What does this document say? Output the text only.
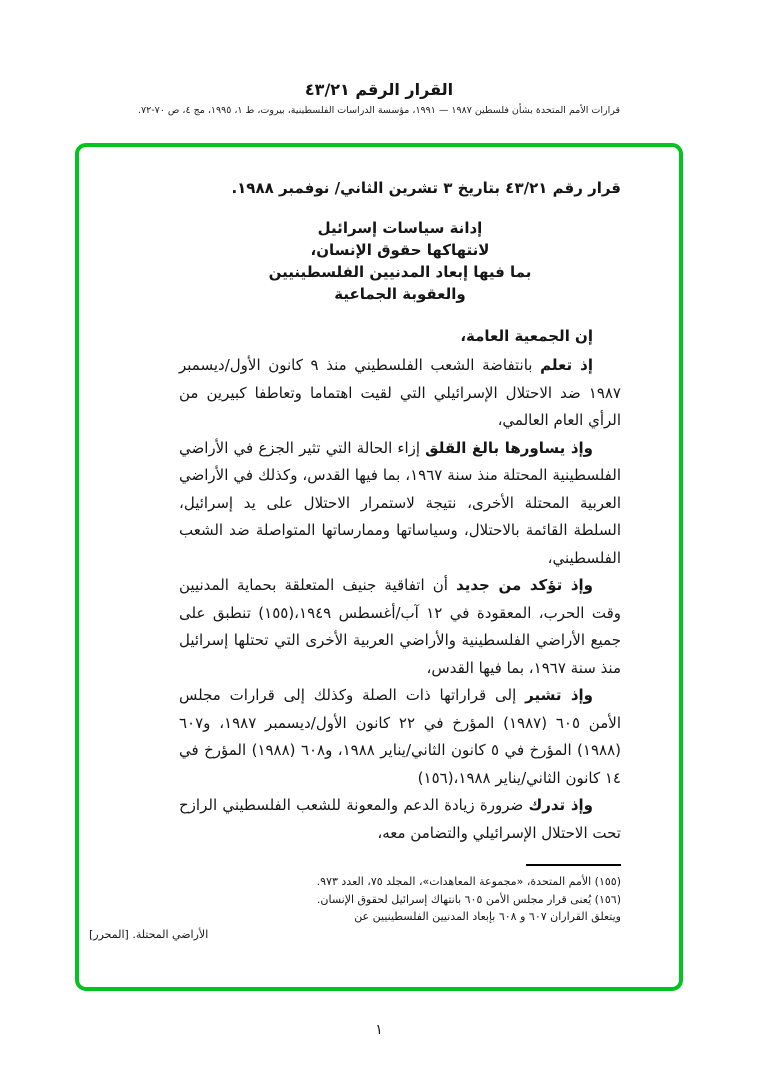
القرار الرقم ٤٣/٢١
قرارات الأمم المتحدة بشأن فلسطين ١٩٨٧ — ١٩٩١، مؤسسة الدراسات الفلسطينية، بيروت، ط ١، ١٩٩٥، مج ٤، ص ٧٠-٧٢.
قرار رقم ٤٣/٢١ بتاريخ ٣ تشرين الثاني/ نوفمبر ١٩٨٨.
إدانة سياسات إسرائيل
لانتهاكها حقوق الإنسان،
بما فيها إبعاد المدنيين الفلسطينيين
والعقوبة الجماعية
إن الجمعية العامة،

إذ تعلم بانتفاضة الشعب الفلسطيني منذ ٩ كانون الأول/ديسمبر ١٩٨٧ ضد الاحتلال الإسرائيلي التي لقيت اهتماما وتعاطفا كبيرين من الرأي العام العالمي،

وإذ يساورها بالغ القلق إزاء الحالة التي تثير الجزع في الأراضي الفلسطينية المحتلة منذ سنة ١٩٦٧، بما فيها القدس، وكذلك في الأراضي العربية المحتلة الأخرى، نتيجة لاستمرار الاحتلال على يد إسرائيل، السلطة القائمة بالاحتلال، وسياساتها وممارساتها المتواصلة ضد الشعب الفلسطيني،

وإذ تؤكد من جديد أن اتفاقية جنيف المتعلقة بحماية المدنيين وقت الحرب، المعقودة في ١٢ آب/أغسطس ١٩٤٩،(١٥٥) تنطبق على جميع الأراضي الفلسطينية والأراضي العربية الأخرى التي تحتلها إسرائيل منذ سنة ١٩٦٧، بما فيها القدس،

وإذ تشير إلى قراراتها ذات الصلة وكذلك إلى قرارات مجلس الأمن ٦٠٥ (١٩٨٧) المؤرخ في ٢٢ كانون الأول/ديسمبر ١٩٨٧، و٦٠٧ (١٩٨٨) المؤرخ في ٥ كانون الثاني/يناير ١٩٨٨، و٦٠٨ (١٩٨٨) المؤرخ في ١٤ كانون الثاني/يناير ١٩٨٨،(١٥٦)

وإذ تدرك ضرورة زيادة الدعم والمعونة للشعب الفلسطيني الرازح تحت الاحتلال الإسرائيلي والتضامن معه،

(١٥٥) الأمم المتحدة، «مجموعة المعاهدات»، المجلد ٧٥، العدد ٩٧٣.
(١٥٦) يُعنى قرار مجلس الأمن ٦٠٥ بانتهاك إسرائيل لحقوق الإنسان.
ويتعلق القراران ٦٠٧ و ٦٠٨ بإبعاد المدنيين الفلسطينيين عن
الأراضي المحتلة. [المحرر]
١
